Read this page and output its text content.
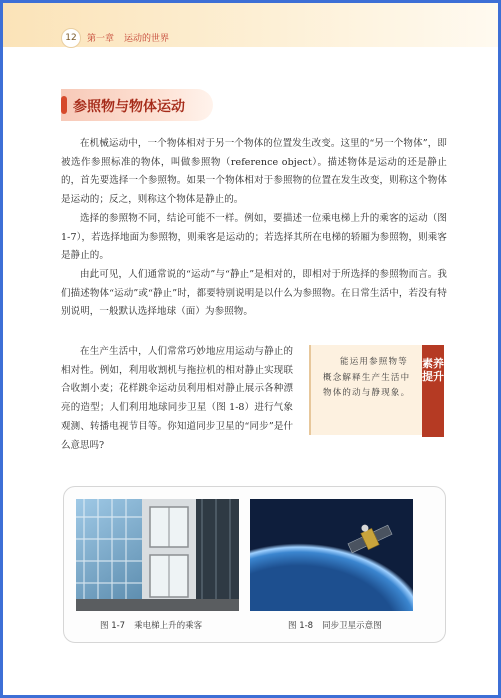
12	第一章 运动的世界
参照物与物体运动

在机械运动中，一个物体相对于另一个物体的位置发生改变。这里的“另一个物体”，即被选作参照标准的物体，叫做参照物（reference object）。描述物体是运动的还是静止的，首先要选择一个参照物。如果一个物体相对于参照物的位置在发生改变，则称这个物体是运动的；反之，则称这个物体是静止的。

选择的参照物不同，结论可能不一样。例如，要描述一位乘电梯上升的乘客的运动（图 1-7），若选择地面为参照物，则乘客是运动的；若选择其所在电梯的轿厢为参照物，则乘客是静止的。

由此可见，人们通常说的“运动”与“静止”是相对的，即相对于所选择的参照物而言。我们描述物体“运动”或“静止”时，都要特别说明是以什么为参照物。在日常生活中，若没有特别说明，一般默认选择地球（面）为参照物。

在生产生活中，人们常常巧妙地应用运动与静止的相对性。例如，利用收割机与拖拉机的相对静止实现联合收割小麦；花样跳伞运动员利用相对静止展示各种漂亮的造型；人们利用地球同步卫星（图 1-8）进行气象观测、转播电视节目等。你知道同步卫星的“同步”是什么意思吗?

能运用参照物等概念解释生产生活中物体的动与静现象。

素养提升
图 1-7 乘电梯上升的乘客	图 1-8 同步卫星示意图
